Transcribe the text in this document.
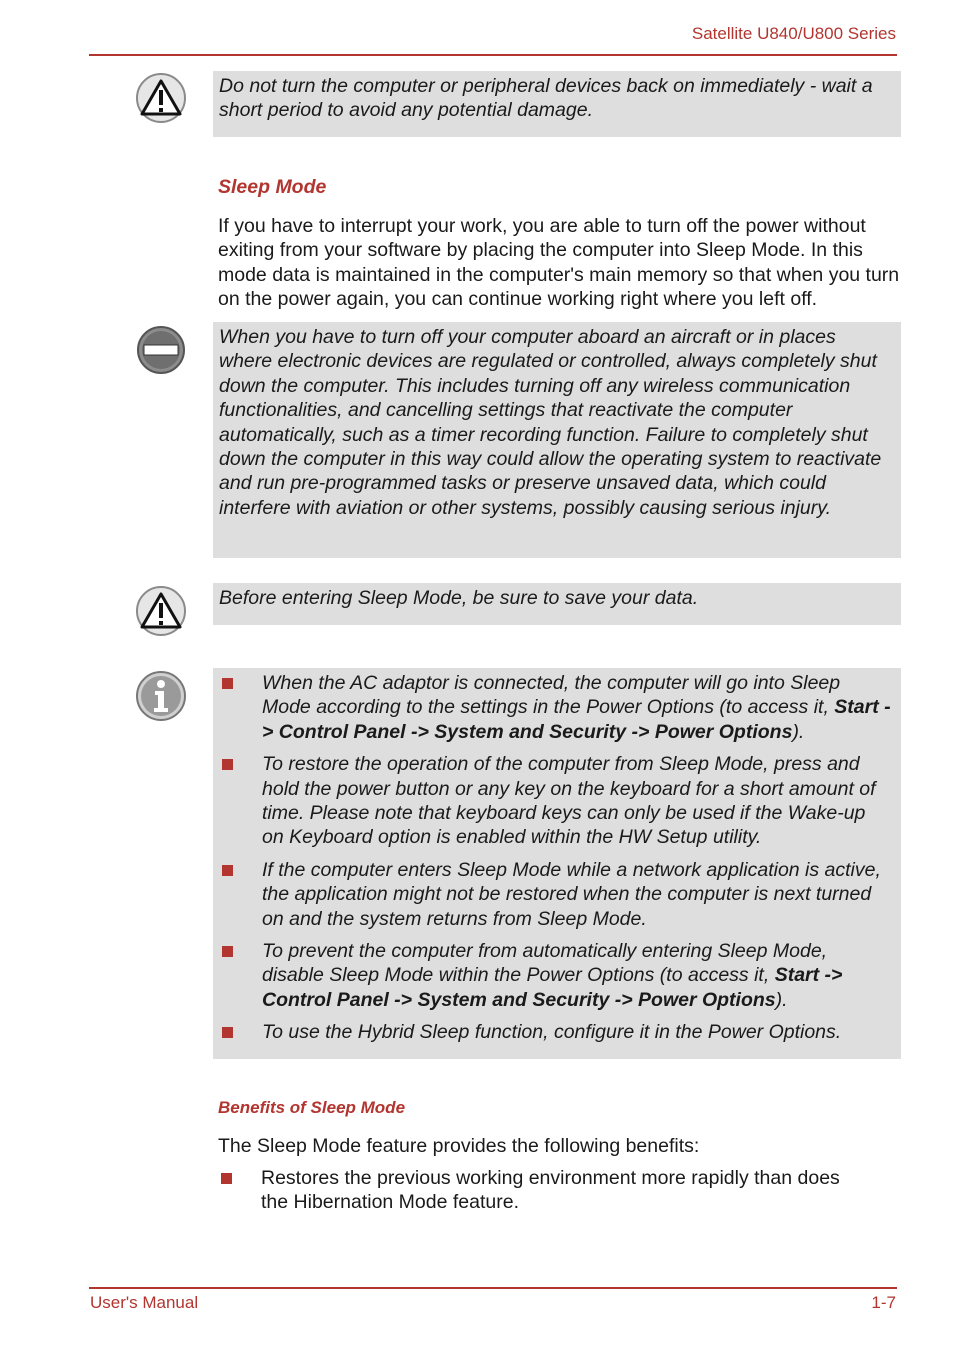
Satellite U840/U800 Series
Do not turn the computer or peripheral devices back on immediately - wait a short period to avoid any potential damage.
Sleep Mode
If you have to interrupt your work, you are able to turn off the power without exiting from your software by placing the computer into Sleep Mode. In this mode data is maintained in the computer's main memory so that when you turn on the power again, you can continue working right where you left off.
When you have to turn off your computer aboard an aircraft or in places where electronic devices are regulated or controlled, always completely shut down the computer. This includes turning off any wireless communication functionalities, and cancelling settings that reactivate the computer automatically, such as a timer recording function. Failure to completely shut down the computer in this way could allow the operating system to reactivate and run pre-programmed tasks or preserve unsaved data, which could interfere with aviation or other systems, possibly causing serious injury.
Before entering Sleep Mode, be sure to save your data.
When the AC adaptor is connected, the computer will go into Sleep Mode according to the settings in the Power Options (to access it, Start -> Control Panel -> System and Security -> Power Options).
To restore the operation of the computer from Sleep Mode, press and hold the power button or any key on the keyboard for a short amount of time. Please note that keyboard keys can only be used if the Wake-up on Keyboard option is enabled within the HW Setup utility.
If the computer enters Sleep Mode while a network application is active, the application might not be restored when the computer is next turned on and the system returns from Sleep Mode.
To prevent the computer from automatically entering Sleep Mode, disable Sleep Mode within the Power Options (to access it, Start -> Control Panel -> System and Security -> Power Options).
To use the Hybrid Sleep function, configure it in the Power Options.
Benefits of Sleep Mode
The Sleep Mode feature provides the following benefits:
Restores the previous working environment more rapidly than does the Hibernation Mode feature.
User's Manual	1-7
